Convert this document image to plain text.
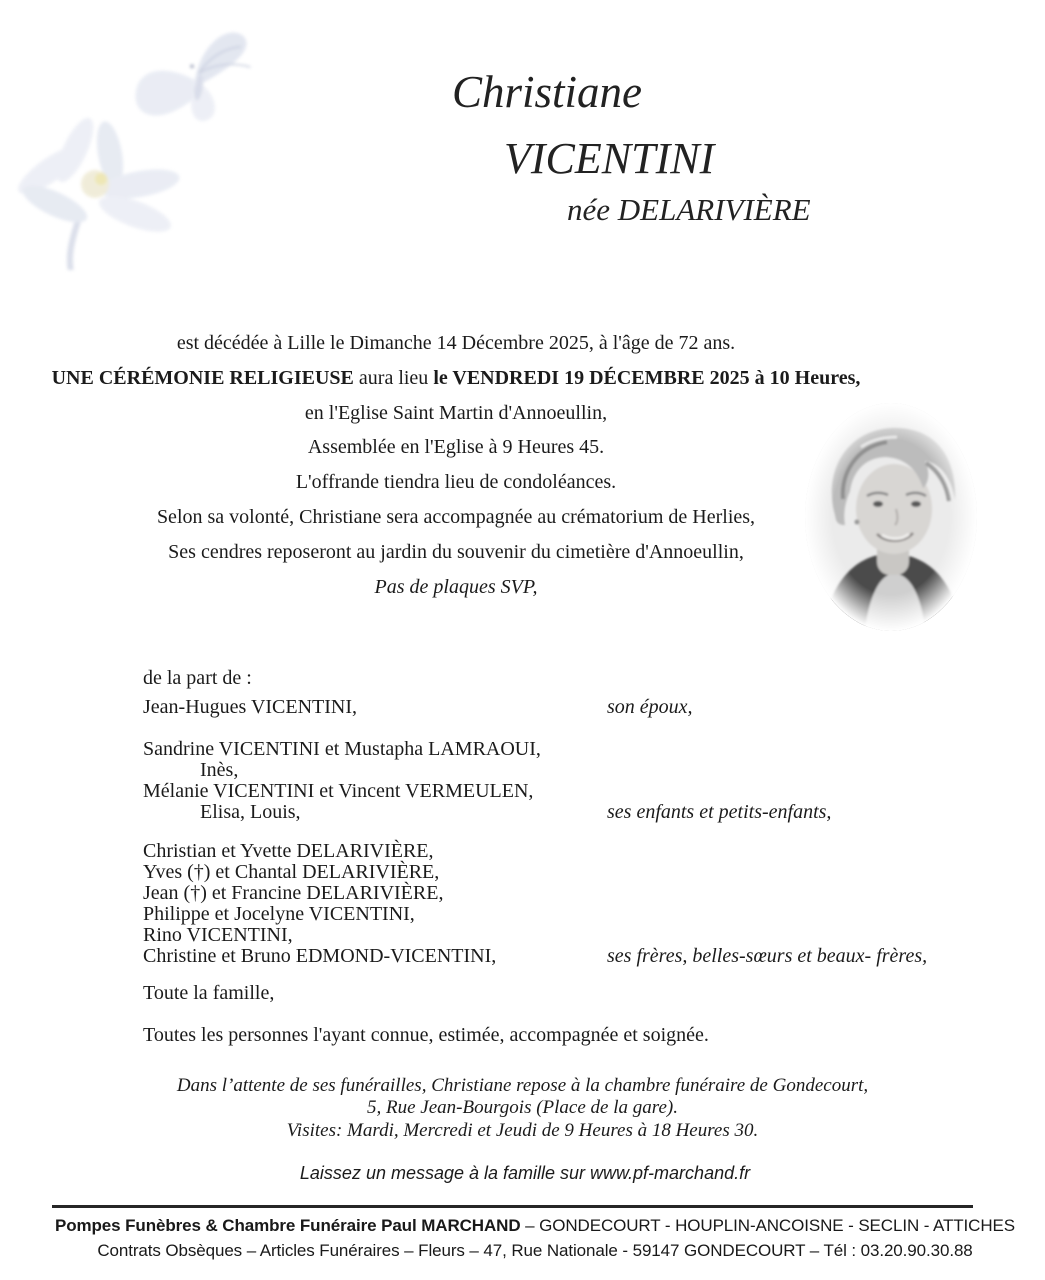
Christiane
VICENTINI
née DELARIVIÈRE
est décédée à Lille le Dimanche 14 Décembre 2025, à l'âge de 72 ans.
UNE CÉRÉMONIE RELIGIEUSE aura lieu le VENDREDI 19 DÉCEMBRE 2025 à 10 Heures,
en l'Eglise Saint Martin d'Annoeullin,
Assemblée en l'Eglise à 9 Heures 45.
L'offrande tiendra lieu de condoléances.
Selon sa volonté, Christiane sera accompagnée au crématorium de Herlies,
Ses cendres reposeront au jardin du souvenir du cimetière d'Annoeullin,
Pas de plaques SVP,
de la part de :
Jean-Hugues VICENTINI,
Sandrine VICENTINI et Mustapha LAMRAOUI,
Inès,
Mélanie VICENTINI et Vincent VERMEULEN,
Elisa, Louis,
Christian et Yvette DELARIVIÈRE,
Yves (†) et Chantal DELARIVIÈRE,
Jean (†) et Francine DELARIVIÈRE,
Philippe et Jocelyne VICENTINI,
Rino VICENTINI,
Christine et Bruno EDMOND-VICENTINI,
Toute la famille,
Toutes les personnes l'ayant connue, estimée, accompagnée et soignée.
son époux,
ses enfants et petits-enfants,
ses frères, belles-sœurs et beaux- frères,
Dans l’attente de ses funérailles, Christiane repose à la chambre funéraire de Gondecourt,
5, Rue Jean-Bourgois (Place de la gare).
Visites: Mardi, Mercredi et Jeudi de 9 Heures à 18 Heures 30.
Laissez un message à la famille sur www.pf-marchand.fr
Pompes Funèbres & Chambre Funéraire Paul MARCHAND – GONDECOURT - HOUPLIN-ANCOISNE - SECLIN - ATTICHES
Contrats Obsèques – Articles Funéraires – Fleurs – 47, Rue Nationale - 59147 GONDECOURT – Tél : 03.20.90.30.88
